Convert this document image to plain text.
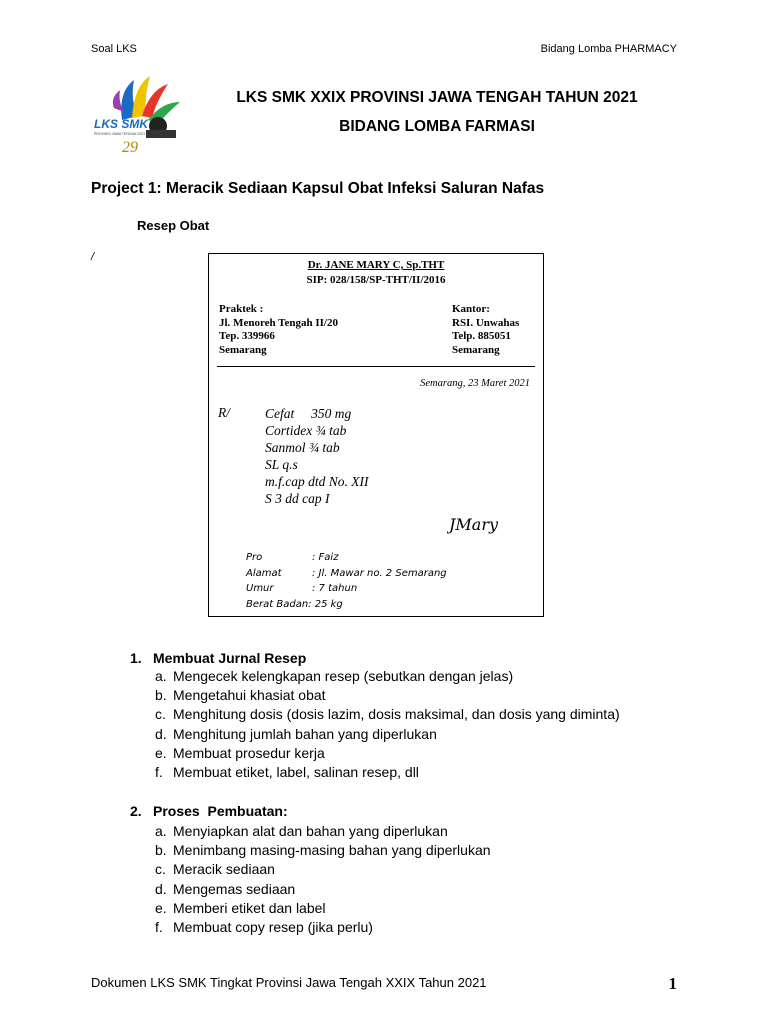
Soal LKS	Bidang Lomba PHARMACY
LKS SMK
PROVINSI JAWA TENGAH 2021
29
LKS SMK XXIX PROVINSI JAWA TENGAH TAHUN 2021
BIDANG LOMBA FARMASI
Project 1: Meracik Sediaan Kapsul Obat Infeksi Saluran Nafas
Resep Obat
/
Dr. JANE MARY C, Sp.THT
SIP: 028/158/SP-THT/II/2016
Praktek :
Jl. Menoreh Tengah II/20
Tep. 339966
Semarang
Kantor:
RSI. Unwahas
Telp. 885051
Semarang
Semarang, 23 Maret 2021
R/	Cefat     350 mg
Cortidex ¾ tab
Sanmol ¾ tab
SL q.s
m.f.cap dtd No. XII
S 3 dd cap I
JMary
Pro	: Faiz
Alamat	: Jl. Mawar no. 2 Semarang
Umur	: 7 tahun
Berat Badan: 25 kg
1. Membuat Jurnal Resep
a. Mengecek kelengkapan resep (sebutkan dengan jelas)
b. Mengetahui khasiat obat
c. Menghitung dosis (dosis lazim, dosis maksimal, dan dosis yang diminta)
d. Menghitung jumlah bahan yang diperlukan
e. Membuat prosedur kerja
f. Membuat etiket, label, salinan resep, dll
2. Proses  Pembuatan:
a. Menyiapkan alat dan bahan yang diperlukan
b. Menimbang masing-masing bahan yang diperlukan
c. Meracik sediaan
d. Mengemas sediaan
e. Memberi etiket dan label
f. Membuat copy resep (jika perlu)
Dokumen LKS SMK Tingkat Provinsi Jawa Tengah XXIX Tahun 2021	1
